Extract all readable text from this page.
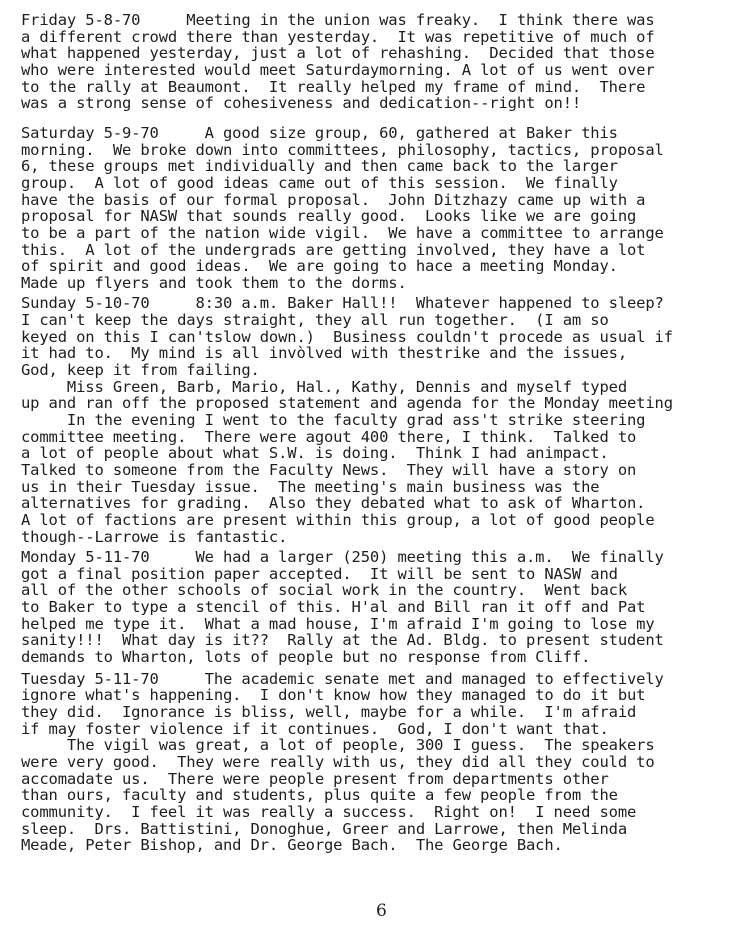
Friday 5-8-70     Meeting in the union was freaky.  I think there was
a different crowd there than yesterday.  It was repetitive of much of
what happened yesterday, just a lot of rehashing.  Decided that those
who were interested would meet Saturdaymorning. A lot of us went over
to the rally at Beaumont.  It really helped my frame of mind.  There
was a strong sense of cohesiveness and dedication--right on!!
Saturday 5-9-70     A good size group, 60, gathered at Baker this
morning.  We broke down into committees, philosophy, tactics, proposal
6, these groups met individually and then came back to the larger
group.  A lot of good ideas came out of this session.  We finally
have the basis of our formal proposal.  John Ditzhazy came up with a
proposal for NASW that sounds really good.  Looks like we are going
to be a part of the nation wide vigil.  We have a committee to arrange
this.  A lot of the undergrads are getting involved, they have a lot
of spirit and good ideas.  We are going to hace a meeting Monday.
Made up flyers and took them to the dorms.
Sunday 5-10-70     8:30 a.m. Baker Hall!!  Whatever happened to sleep?
I can't keep the days straight, they all run together.  (I am so
keyed on this I can'tslow down.)  Business couldn't procede as usual if
it had to.  My mind is all invòlved with thestrike and the issues,
God, keep it from failing.
Miss Green, Barb, Mario, Hal., Kathy, Dennis and myself typed
up and ran off the proposed statement and agenda for the Monday meeting
In the evening I went to the faculty grad ass't strike steering
committee meeting.  There were agout 400 there, I think.  Talked to
a lot of people about what S.W. is doing.  Think I had animpact.
Talked to someone from the Faculty News.  They will have a story on
us in their Tuesday issue.  The meeting's main business was the
alternatives for grading.  Also they debated what to ask of Wharton.
A lot of factions are present within this group, a lot of good people
though--Larrowe is fantastic.
Monday 5-11-70     We had a larger (250) meeting this a.m.  We finally
got a final position paper accepted.  It will be sent to NASW and
all of the other schools of social work in the country.  Went back
to Baker to type a stencil of this. H'al and Bill ran it off and Pat
helped me type it.  What a mad house, I'm afraid I'm going to lose my
sanity!!!  What day is it??  Rally at the Ad. Bldg. to present student
demands to Wharton, lots of people but no response from Cliff.
Tuesday 5-11-70     The academic senate met and managed to effectively
ignore what's happening.  I don't know how they managed to do it but
they did.  Ignorance is bliss, well, maybe for a while.  I'm afraid
if may foster violence if it continues.  God, I don't want that.
The vigil was great, a lot of people, 300 I guess.  The speakers
were very good.  They were really with us, they did all they could to
accomadate us.  There were people present from departments other
than ours, faculty and students, plus quite a few people from the
community.  I feel it was really a success.  Right on!  I need some
sleep.  Drs. Battistini, Donoghue, Greer and Larrowe, then Melinda
Meade, Peter Bishop, and Dr. George Bach.  The George Bach.
6
